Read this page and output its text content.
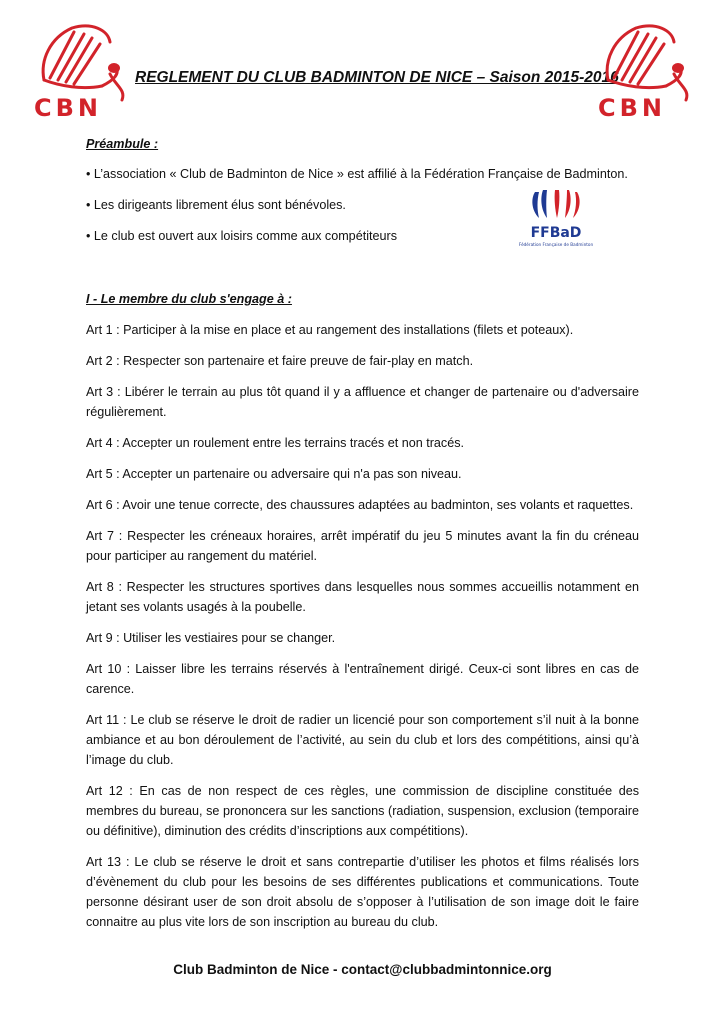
CBN
REGLEMENT DU CLUB BADMINTON DE NICE – Saison 2015-2016
CBN
FFBaD
Fédération Française de Badminton
Préambule :
• L’association « Club de Badminton de Nice » est affilié à la Fédération Française de Badminton.
• Les dirigeants librement élus sont bénévoles.
• Le club est ouvert aux loisirs comme aux compétiteurs
I - Le membre du club s'engage à :

Art 1 : Participer à la mise en place et au rangement des installations (filets et poteaux).

Art 2 : Respecter son partenaire et faire preuve de fair-play en match.

Art 3 : Libérer le terrain au plus tôt quand il y a affluence et changer de partenaire ou d'adversaire régulièrement.

Art 4 : Accepter un roulement entre les terrains tracés et non tracés.

Art 5 : Accepter un partenaire ou adversaire qui n'a pas son niveau.

Art 6 : Avoir une tenue correcte, des chaussures adaptées au badminton, ses volants et raquettes.

Art 7 : Respecter les créneaux horaires, arrêt impératif du jeu 5 minutes avant la fin du créneau pour participer au rangement du matériel.

Art 8 : Respecter les structures sportives dans lesquelles nous sommes accueillis notamment en jetant ses volants usagés à la poubelle.

Art 9 : Utiliser les vestiaires pour se changer.

Art 10 : Laisser libre les terrains réservés à l'entraînement dirigé. Ceux-ci sont libres en cas de carence.

Art 11 : Le club se réserve le droit de radier un licencié pour son comportement s’il nuit à la bonne ambiance et au bon déroulement de l’activité, au sein du club et lors des compétitions, ainsi qu’à l’image du club.

Art 12 : En cas de non respect de ces règles, une commission de discipline constituée des membres du bureau, se prononcera sur les sanctions (radiation, suspension, exclusion (temporaire ou définitive), diminution des crédits d’inscriptions aux compétitions).

Art 13 : Le club se réserve le droit et sans contrepartie d’utiliser les photos et films réalisés lors d’évènement du club pour les besoins de ses différentes publications et communications. Toute personne désirant user de son droit absolu de s’opposer à l’utilisation de son image doit le faire connaitre au plus vite lors de son inscription au bureau du club.

Club Badminton de Nice - contact@clubbadmintonnice.org
